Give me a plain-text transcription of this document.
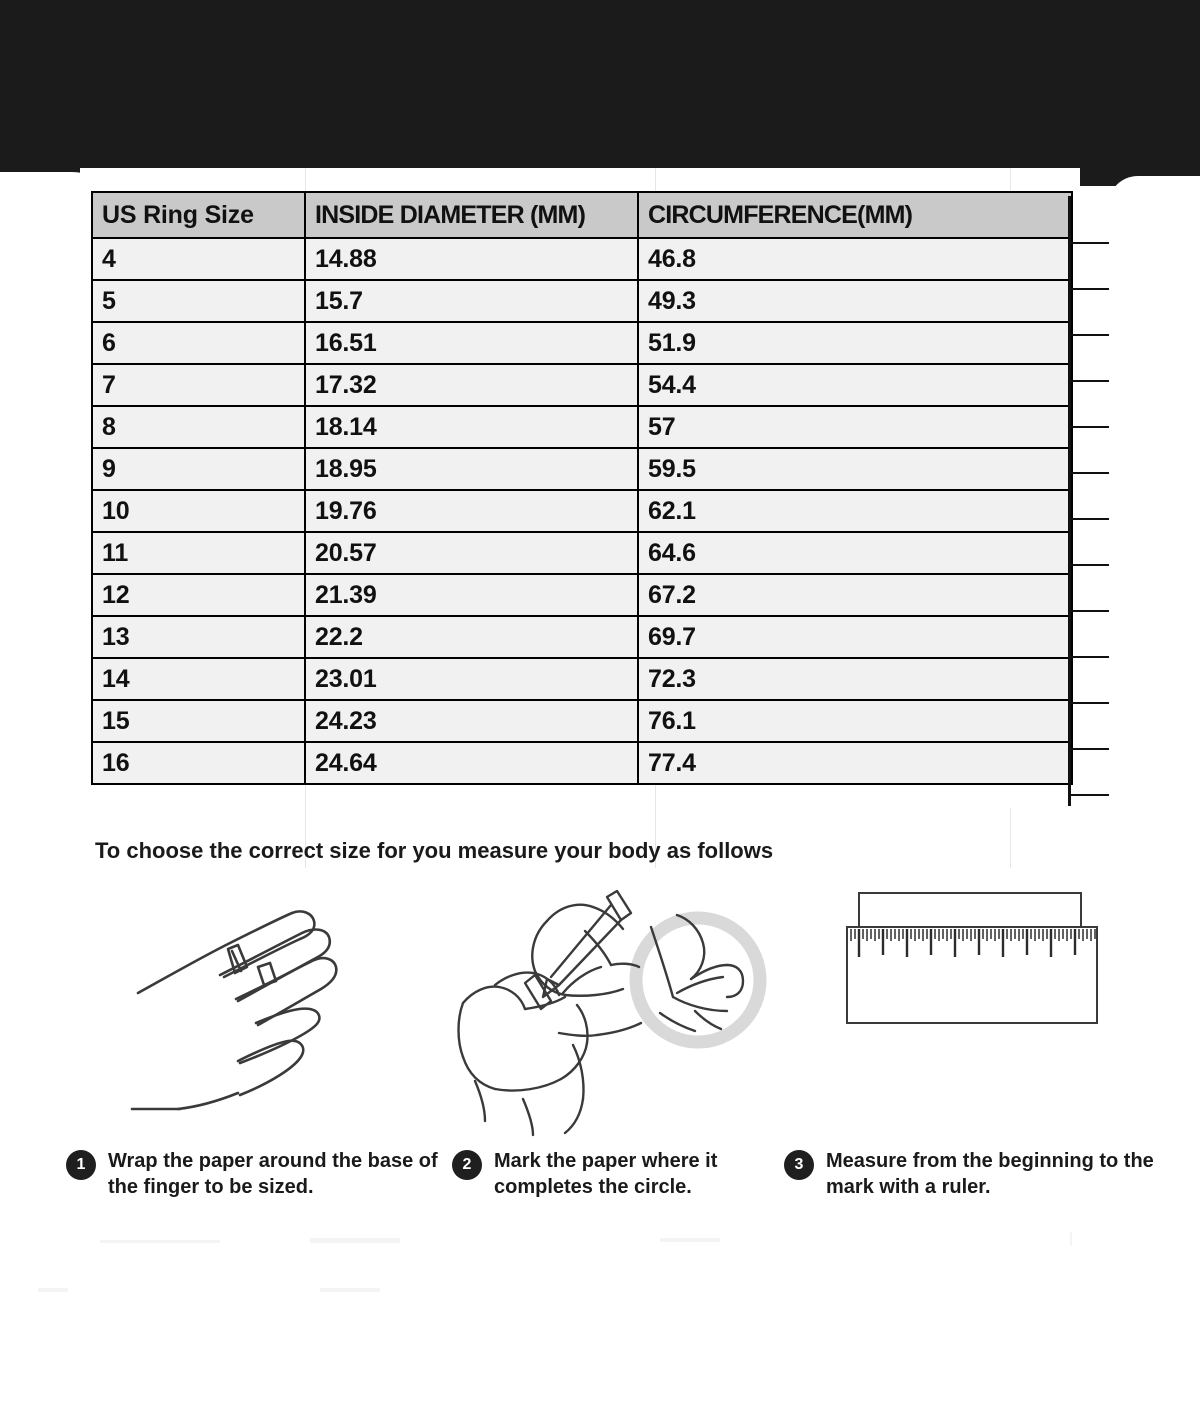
US Ring Size	INSIDE DIAMETER (MM)	CIRCUMFERENCE(MM)
4	14.88	46.8
5	15.7	49.3
6	16.51	51.9
7	17.32	54.4
8	18.14	57
9	18.95	59.5
10	19.76	62.1
11	20.57	64.6
12	21.39	67.2
13	22.2	69.7
14	23.01	72.3
15	24.23	76.1
16	24.64	77.4
To choose the correct size for you measure your body as follows
1	Wrap the paper around the base of the finger to be sized.
2	Mark the paper where it completes the circle.
3	Measure from the beginning to the mark with a ruler.
